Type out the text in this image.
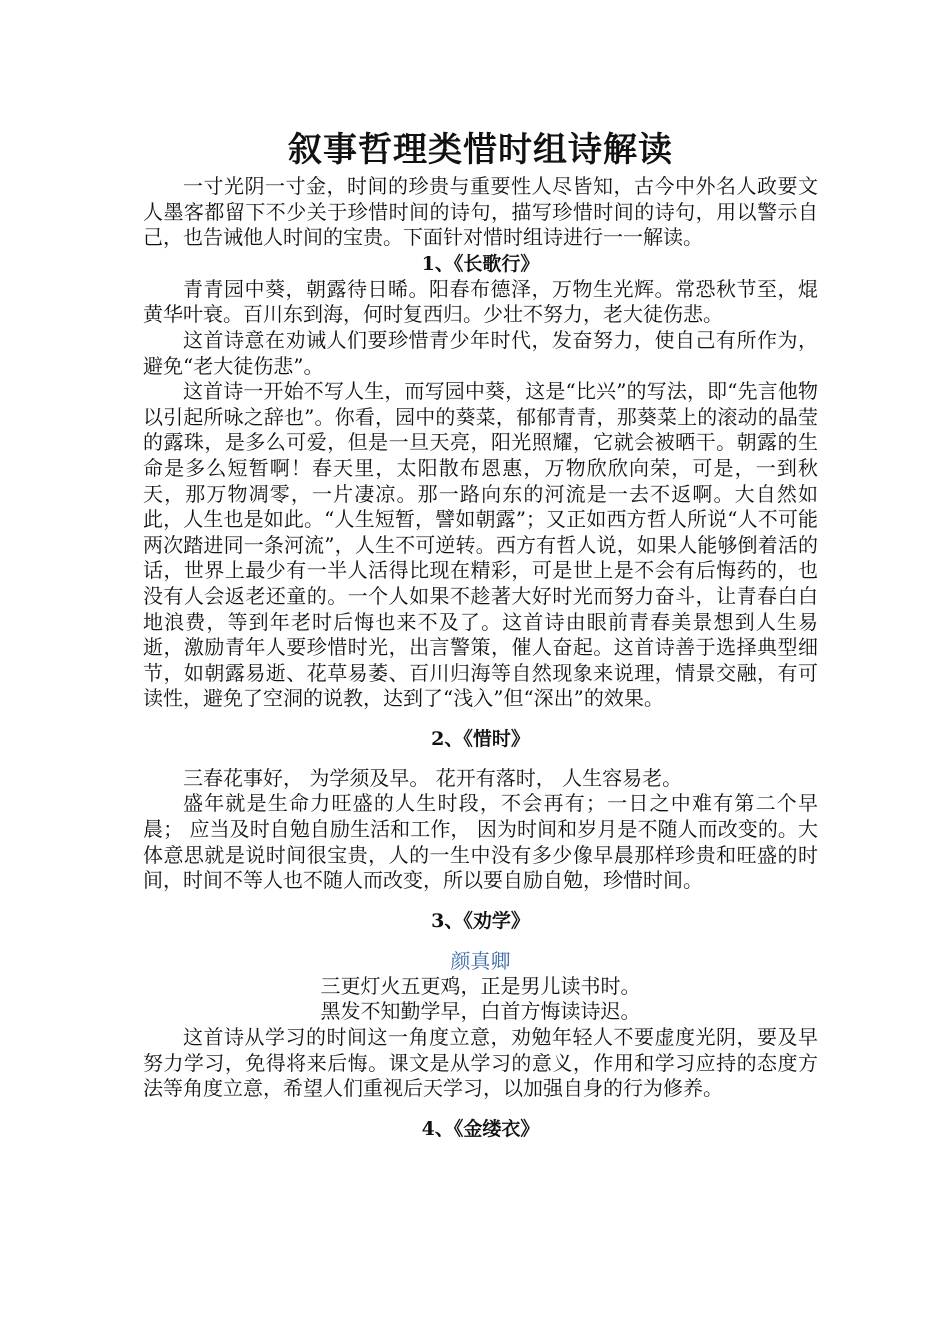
叙事哲理类惜时组诗解读

一寸光阴一寸金，时间的珍贵与重要性人尽皆知，古今中外名人政要文人墨客都留下不少关于珍惜时间的诗句，描写珍惜时间的诗句，用以警示自己，也告诫他人时间的宝贵。下面针对惜时组诗进行一一解读。

1、《长歌行》

青青园中葵，朝露待日晞。阳春布德泽，万物生光辉。常恐秋节至，焜黄华叶衰。百川东到海，何时复西归。少壮不努力，老大徒伤悲。

这首诗意在劝诫人们要珍惜青少年时代，发奋努力，使自己有所作为，避免“老大徒伤悲”。

这首诗一开始不写人生，而写园中葵，这是“比兴”的写法，即“先言他物以引起所咏之辞也”。你看，园中的葵菜，郁郁青青，那葵菜上的滚动的晶莹的露珠，是多么可爱，但是一旦天亮，阳光照耀，它就会被晒干。朝露的生命是多么短暂啊！春天里，太阳散布恩惠，万物欣欣向荣，可是，一到秋天，那万物凋零，一片凄凉。那一路向东的河流是一去不返啊。大自然如此，人生也是如此。“人生短暂，譬如朝露”；又正如西方哲人所说“人不可能两次踏进同一条河流”，人生不可逆转。西方有哲人说，如果人能够倒着活的话，世界上最少有一半人活得比现在精彩，可是世上是不会有后悔药的，也没有人会返老还童的。一个人如果不趁著大好时光而努力奋斗，让青春白白地浪费，等到年老时后悔也来不及了。这首诗由眼前青春美景想到人生易逝，激励青年人要珍惜时光，出言警策，催人奋起。这首诗善于选择典型细节，如朝露易逝、花草易萎、百川归海等自然现象来说理，情景交融，有可读性，避免了空洞的说教，达到了“浅入”但“深出”的效果。

2、《惜时》

三春花事好， 为学须及早。 花开有落时， 人生容易老。

盛年就是生命力旺盛的人生时段，不会再有；一日之中难有第二个早晨； 应当及时自勉自励生活和工作， 因为时间和岁月是不随人而改变的。大体意思就是说时间很宝贵，人的一生中没有多少像早晨那样珍贵和旺盛的时间，时间不等人也不随人而改变，所以要自励自勉，珍惜时间。

3、《劝学》

颜真卿

三更灯火五更鸡，正是男儿读书时。

黑发不知勤学早，白首方悔读诗迟。

这首诗从学习的时间这一角度立意，劝勉年轻人不要虚度光阴，要及早努力学习，免得将来后悔。课文是从学习的意义，作用和学习应持的态度方法等角度立意，希望人们重视后天学习，以加强自身的行为修养。

4、《金缕衣》
